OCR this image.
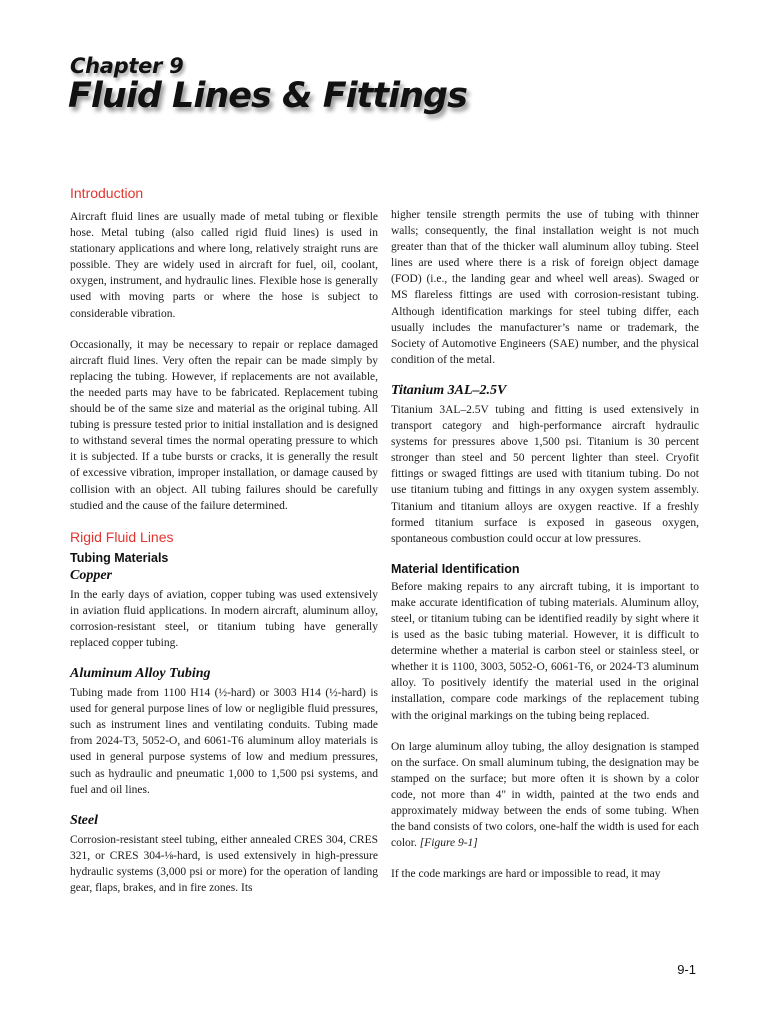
Chapter 9
Fluid Lines & Fittings
Introduction

Aircraft fluid lines are usually made of metal tubing or flexible hose. Metal tubing (also called rigid fluid lines) is used in stationary applications and where long, relatively straight runs are possible. They are widely used in aircraft for fuel, oil, coolant, oxygen, instrument, and hydraulic lines. Flexible hose is generally used with moving parts or where the hose is subject to considerable vibration.

Occasionally, it may be necessary to repair or replace damaged aircraft fluid lines. Very often the repair can be made simply by replacing the tubing. However, if replacements are not available, the needed parts may have to be fabricated. Replacement tubing should be of the same size and material as the original tubing. All tubing is pressure tested prior to initial installation and is designed to withstand several times the normal operating pressure to which it is subjected. If a tube bursts or cracks, it is generally the result of excessive vibration, improper installation, or damage caused by collision with an object. All tubing failures should be carefully studied and the cause of the failure determined.

Rigid Fluid Lines
Tubing Materials
Copper

In the early days of aviation, copper tubing was used extensively in aviation fluid applications. In modern aircraft, aluminum alloy, corrosion-resistant steel, or titanium tubing have generally replaced copper tubing.

Aluminum Alloy Tubing

Tubing made from 1100 H14 (½-hard) or 3003 H14 (½-hard) is used for general purpose lines of low or negligible fluid pressures, such as instrument lines and ventilating conduits. Tubing made from 2024-T3, 5052-O, and 6061-T6 aluminum alloy materials is used in general purpose systems of low and medium pressures, such as hydraulic and pneumatic 1,000 to 1,500 psi systems, and fuel and oil lines.

Steel

Corrosion-resistant steel tubing, either annealed CRES 304, CRES 321, or CRES 304-⅛-hard, is used extensively in high-pressure hydraulic systems (3,000 psi or more) for the operation of landing gear, flaps, brakes, and in fire zones. Its

higher tensile strength permits the use of tubing with thinner walls; consequently, the final installation weight is not much greater than that of the thicker wall aluminum alloy tubing. Steel lines are used where there is a risk of foreign object damage (FOD) (i.e., the landing gear and wheel well areas). Swaged or MS flareless fittings are used with corrosion-resistant tubing. Although identification markings for steel tubing differ, each usually includes the manufacturer’s name or trademark, the Society of Automotive Engineers (SAE) number, and the physical condition of the metal.

Titanium 3AL–2.5V

Titanium 3AL–2.5V tubing and fitting is used extensively in transport category and high-performance aircraft hydraulic systems for pressures above 1,500 psi. Titanium is 30 percent stronger than steel and 50 percent lighter than steel. Cryofit fittings or swaged fittings are used with titanium tubing. Do not use titanium tubing and fittings in any oxygen system assembly. Titanium and titanium alloys are oxygen reactive. If a freshly formed titanium surface is exposed in gaseous oxygen, spontaneous combustion could occur at low pressures.

Material Identification

Before making repairs to any aircraft tubing, it is important to make accurate identification of tubing materials. Aluminum alloy, steel, or titanium tubing can be identified readily by sight where it is used as the basic tubing material. However, it is difficult to determine whether a material is carbon steel or stainless steel, or whether it is 1100, 3003, 5052-O, 6061-T6, or 2024-T3 aluminum alloy. To positively identify the material used in the original installation, compare code markings of the replacement tubing with the original markings on the tubing being replaced.

On large aluminum alloy tubing, the alloy designation is stamped on the surface. On small aluminum tubing, the designation may be stamped on the surface; but more often it is shown by a color code, not more than 4" in width, painted at the two ends and approximately midway between the ends of some tubing. When the band consists of two colors, one-half the width is used for each color. [Figure 9-1]

If the code markings are hard or impossible to read, it may

9-1
